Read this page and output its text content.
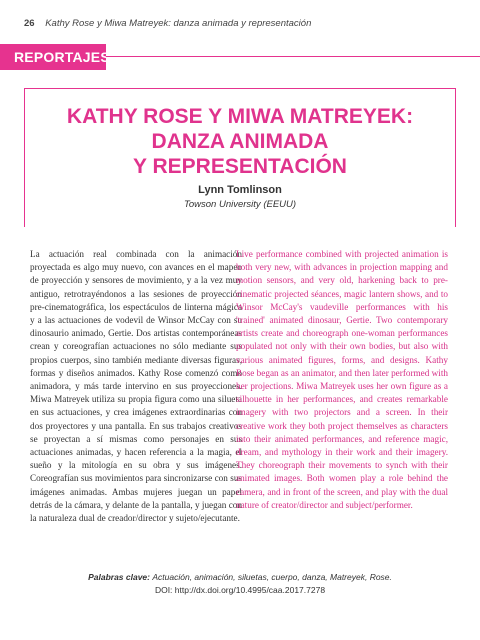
26 Kathy Rose y Miwa Matreyek: danza animada y representación
REPORTAJES
KATHY ROSE Y MIWA MATREYEK:
DANZA ANIMADA
Y REPRESENTACIÓN
Lynn Tomlinson
Towson University (EEUU)
La actuación real combinada con la animación proyectada es algo muy nuevo, con avances en el mapeo de proyección y sensores de movimiento, y a la vez muy antiguo, retrotrayéndonos a las sesiones de proyección pre-cinematográfica, los espectáculos de linterna mágica y a las actuaciones de vodevil de Winsor McCay con su dinosaurio animado, Gertie. Dos artistas contemporáneas crean y coreografían actuaciones no sólo mediante sus propios cuerpos, sino también mediante diversas figuras, formas y diseños animados. Kathy Rose comenzó como animadora, y más tarde intervino en sus proyecciones. Miwa Matreyek utiliza su propia figura como una silueta en sus actuaciones, y crea imágenes extraordinarias con dos proyectores y una pantalla. En sus trabajos creativos se proyectan a sí mismas como personajes en sus actuaciones animadas, y hacen referencia a la magia, el sueño y la mitología en su obra y sus imágenes. Coreografían sus movimientos para sincronizarse con sus imágenes animadas. Ambas mujeres juegan un papel detrás de la cámara, y delante de la pantalla, y juegan con la naturaleza dual de creador/director y sujeto/ejecutante.
Live performance combined with projected animation is both very new, with advances in projection mapping and motion sensors, and very old, harkening back to pre-cinematic projected séances, magic lantern shows, and to Winsor McCay's vaudeville performances with his 'trained' animated dinosaur, Gertie. Two contemporary artists create and choreograph one-woman performances populated not only with their own bodies, but also with various animated figures, forms, and designs. Kathy Rose began as an animator, and then later performed with her projections. Miwa Matreyek uses her own figure as a silhouette in her performances, and creates remarkable imagery with two projectors and a screen. In their creative work they both project themselves as characters into their animated performances, and reference magic, dream, and mythology in their work and their imagery. They choreograph their movements to synch with their animated images. Both women play a role behind the camera, and in front of the screen, and play with the dual nature of creator/director and subject/performer.
Palabras clave: Actuación, animación, siluetas, cuerpo, danza, Matreyek, Rose.
DOI: http://dx.doi.org/10.4995/caa.2017.7278
